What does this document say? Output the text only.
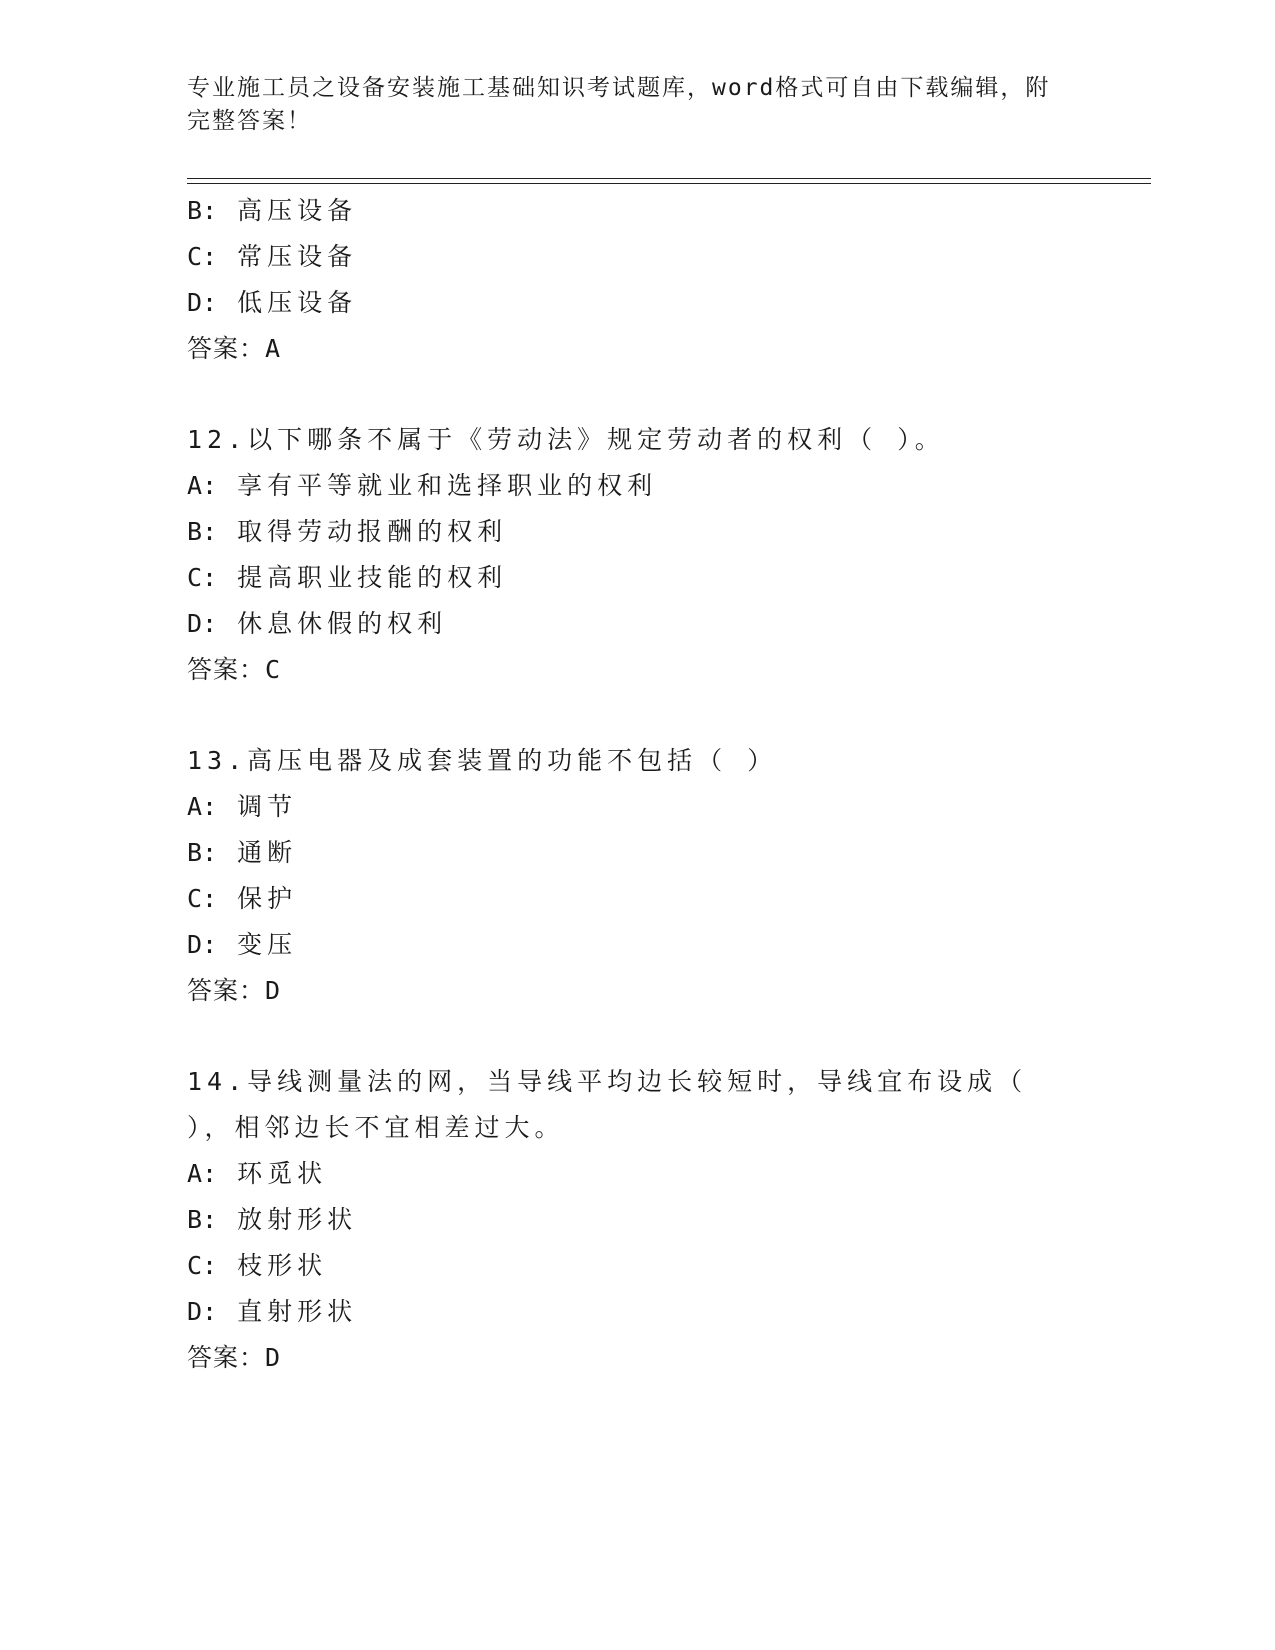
专业施工员之设备安装施工基础知识考试题库，word格式可自由下载编辑，附完整答案！
B: 高压设备
C: 常压设备
D: 低压设备
答案：A
12.以下哪条不属于《劳动法》规定劳动者的权利（ ）。
A: 享有平等就业和选择职业的权利
B: 取得劳动报酬的权利
C: 提高职业技能的权利
D: 休息休假的权利
答案：C
13.高压电器及成套装置的功能不包括（ ）
A: 调节
B: 通断
C: 保护
D: 变压
答案：D
14.导线测量法的网，当导线平均边长较短时，导线宜布设成（ ），相邻边长不宜相差过大。
A: 环觅状
B: 放射形状
C: 枝形状
D: 直射形状
答案：D
